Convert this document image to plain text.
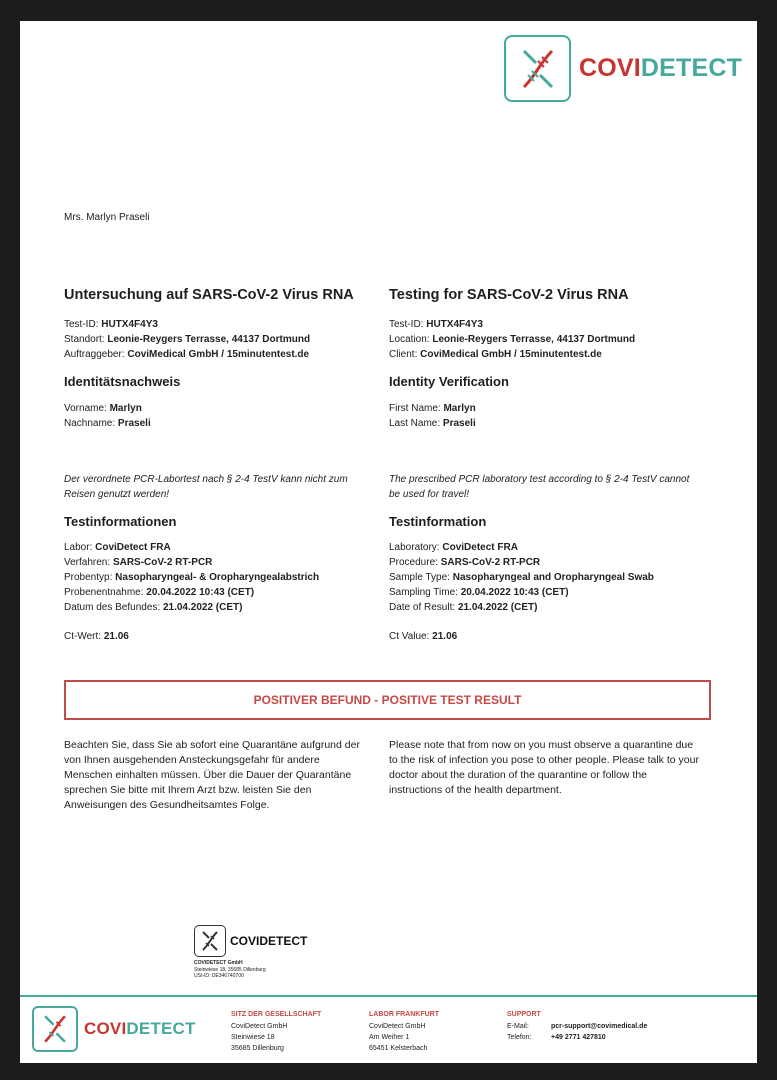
COVIDETECT
Mrs. Marlyn Praseli
Untersuchung auf SARS-CoV-2 Virus RNA
Test-ID: HUTX4F4Y3
Standort: Leonie-Reygers Terrasse, 44137 Dortmund
Auftraggeber: CoviMedical GmbH / 15minutentest.de
Identitätsnachweis
Vorname: Marlyn
Nachname: Praseli
Der verordnete PCR-Labortest nach § 2-4 TestV kann nicht zum Reisen genutzt werden!
Testinformationen
Labor: CoviDetect FRA
Verfahren: SARS-CoV-2 RT-PCR
Probentyp: Nasopharyngeal- & Oropharyngealabstrich
Probenentnahme: 20.04.2022 10:43 (CET)
Datum des Befundes: 21.04.2022 (CET)
Ct-Wert: 21.06
Testing for SARS-CoV-2 Virus RNA
Test-ID: HUTX4F4Y3
Location: Leonie-Reygers Terrasse, 44137 Dortmund
Client: CoviMedical GmbH / 15minutentest.de
Identity Verification
First Name: Marlyn
Last Name: Praseli
The prescribed PCR laboratory test according to § 2-4 TestV cannot be used for travel!
Testinformation
Laboratory: CoviDetect FRA
Procedure: SARS-CoV-2 RT-PCR
Sample Type: Nasopharyngeal and Oropharyngeal Swab
Sampling Time: 20.04.2022 10:43 (CET)
Date of Result: 21.04.2022 (CET)
Ct Value: 21.06
POSITIVER BEFUND - POSITIVE TEST RESULT
Beachten Sie, dass Sie ab sofort eine Quarantäne aufgrund der von Ihnen ausgehenden Ansteckungsgefahr für andere Menschen einhalten müssen. Über die Dauer der Quarantäne sprechen Sie bitte mit Ihrem Arzt bzw. leisten Sie den Anweisungen des Gesundheitsamtes Folge.
Please note that from now on you must observe a quarantine due to the risk of infection you pose to other people. Please talk to your doctor about the duration of the quarantine or follow the instructions of the health department.
COVIDETECT
COVIDETECT GmbH
Steinwiese 18, 35685 Dillenburg
USt-ID: DE346740700
COVIDETECT
SITZ DER GESELLSCHAFT
CoviDetect GmbH
Steinwiese 18
35685 Dillenburg
LABOR FRANKFURT
CoviDetect GmbH
Am Weiher 1
65451 Kelsterbach
SUPPORT
E-Mail:	pcr-support@covimedical.de
Telefon:	+49 2771 427810
